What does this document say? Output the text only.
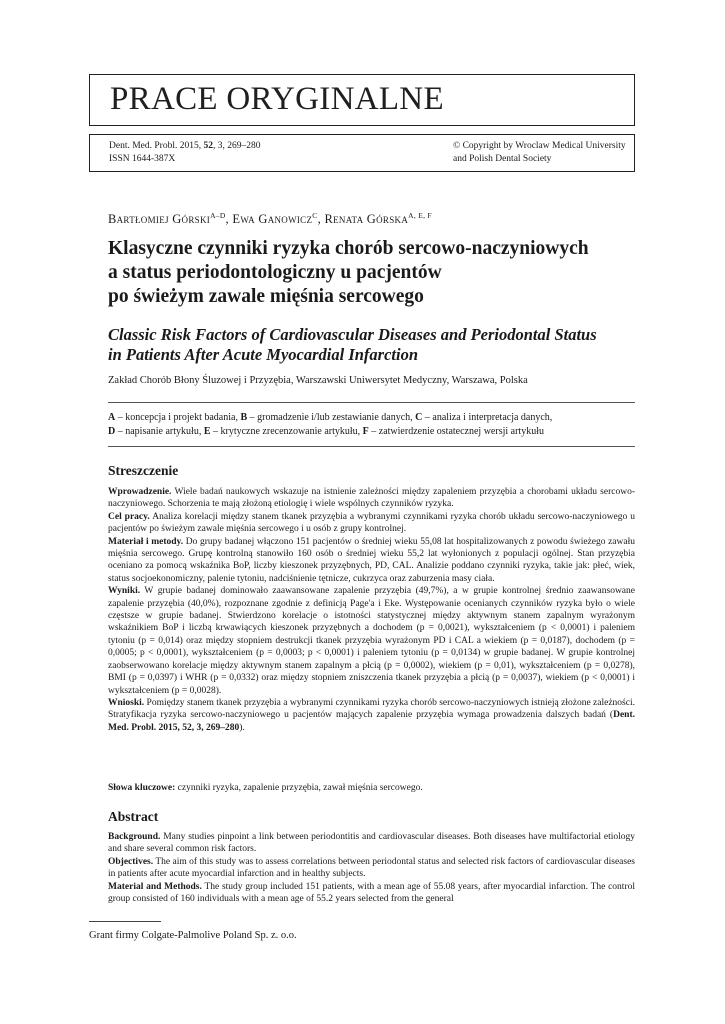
PRACE ORYGINALNE
Dent. Med. Probl. 2015, 52, 3, 269–280
ISSN 1644-387X
© Copyright by Wroclaw Medical University
and Polish Dental Society
Bartłomiej Górski$^{A-D}$, Ewa Ganowicz$^C$, Renata Górska$^{A, E, F}$
Klasyczne czynniki ryzyka chorób sercowo-naczyniowych
a status periodontologiczny u pacjentów
po świeżym zawale mięśnia sercowego
Classic Risk Factors of Cardiovascular Diseases and Periodontal Status
in Patients After Acute Myocardial Infarction
Zakład Chorób Błony Śluzowej i Przyzębia, Warszawski Uniwersytet Medyczny, Warszawa, Polska
A – koncepcja i projekt badania, B – gromadzenie i/lub zestawianie danych, C – analiza i interpretacja danych,
D – napisanie artykułu, E – krytyczne zrecenzowanie artykułu, F – zatwierdzenie ostatecznej wersji artykułu
Streszczenie

Wprowadzenie. Wiele badań naukowych wskazuje na istnienie zależności między zapaleniem przyzębia a chorobami układu sercowo-naczyniowego. Schorzenia te mają złożoną etiologię i wiele wspólnych czynników ryzyka.

Cel pracy. Analiza korelacji między stanem tkanek przyzębia a wybranymi czynnikami ryzyka chorób układu sercowo-naczyniowego u pacjentów po świeżym zawale mięśnia sercowego i u osób z grupy kontrolnej.

Materiał i metody. Do grupy badanej włączono 151 pacjentów o średniej wieku 55,08 lat hospitalizowanych z powodu świeżego zawału mięśnia sercowego. Grupę kontrolną stanowiło 160 osób o średniej wieku 55,2 lat wyłonionych z populacji ogólnej. Stan przyzębia oceniano za pomocą wskaźnika BoP, liczby kieszonek przyzębnych, PD, CAL. Analizie poddano czynniki ryzyka, takie jak: płeć, wiek, status socjoekonomiczny, palenie tytoniu, nadciśnienie tętnicze, cukrzyca oraz zaburzenia masy ciała.

Wyniki. W grupie badanej dominowało zaawansowane zapalenie przyzębia (49,7%), a w grupie kontrolnej średnio zaawansowane zapalenie przyzębia (40,0%), rozpoznane zgodnie z definicją Page'a i Eke. Występowanie ocenianych czynników ryzyka było o wiele częstsze w grupie badanej. Stwierdzono korelacje o istotności statystycznej między aktywnym stanem zapalnym wyrażonym wskaźnikiem BoP i liczbą krwawiących kieszonek przyzębnych a dochodem (p = 0,0021), wykształceniem (p < 0,0001) i paleniem tytoniu (p = 0,014) oraz między stopniem destrukcji tkanek przyzębia wyrażonym PD i CAL a wiekiem (p = 0,0187), dochodem (p = 0,0005; p < 0,0001), wykształceniem (p = 0,0003; p < 0,0001) i paleniem tytoniu (p = 0,0134) w grupie badanej. W grupie kontrolnej zaobserwowano korelacje między aktywnym stanem zapalnym a płcią (p = 0,0002), wiekiem (p = 0,01), wykształceniem (p = 0,0278), BMI (p = 0,0397) i WHR (p = 0,0332) oraz między stopniem zniszczenia tkanek przyzębia a płcią (p = 0,0037), wiekiem (p < 0,0001) i wykształceniem (p = 0,0028).

Wnioski. Pomiędzy stanem tkanek przyzębia a wybranymi czynnikami ryzyka chorób sercowo-naczyniowych istnieją złożone zależności. Stratyfikacja ryzyka sercowo-naczyniowego u pacjentów mających zapalenie przyzębia wymaga prowadzenia dalszych badań (Dent. Med. Probl. 2015, 52, 3, 269–280).

Słowa kluczowe: czynniki ryzyka, zapalenie przyzębia, zawał mięśnia sercowego.
Abstract

Background. Many studies pinpoint a link between periodontitis and cardiovascular diseases. Both diseases have multifactorial etiology and share several common risk factors.

Objectives. The aim of this study was to assess correlations between periodontal status and selected risk factors of cardiovascular diseases in patients after acute myocardial infarction and in healthy subjects.

Material and Methods. The study group included 151 patients, with a mean age of 55.08 years, after myocardial infarction. The control group consisted of 160 individuals with a mean age of 55.2 years selected from the general

Grant firmy Colgate-Palmolive Poland Sp. z. o.o.
